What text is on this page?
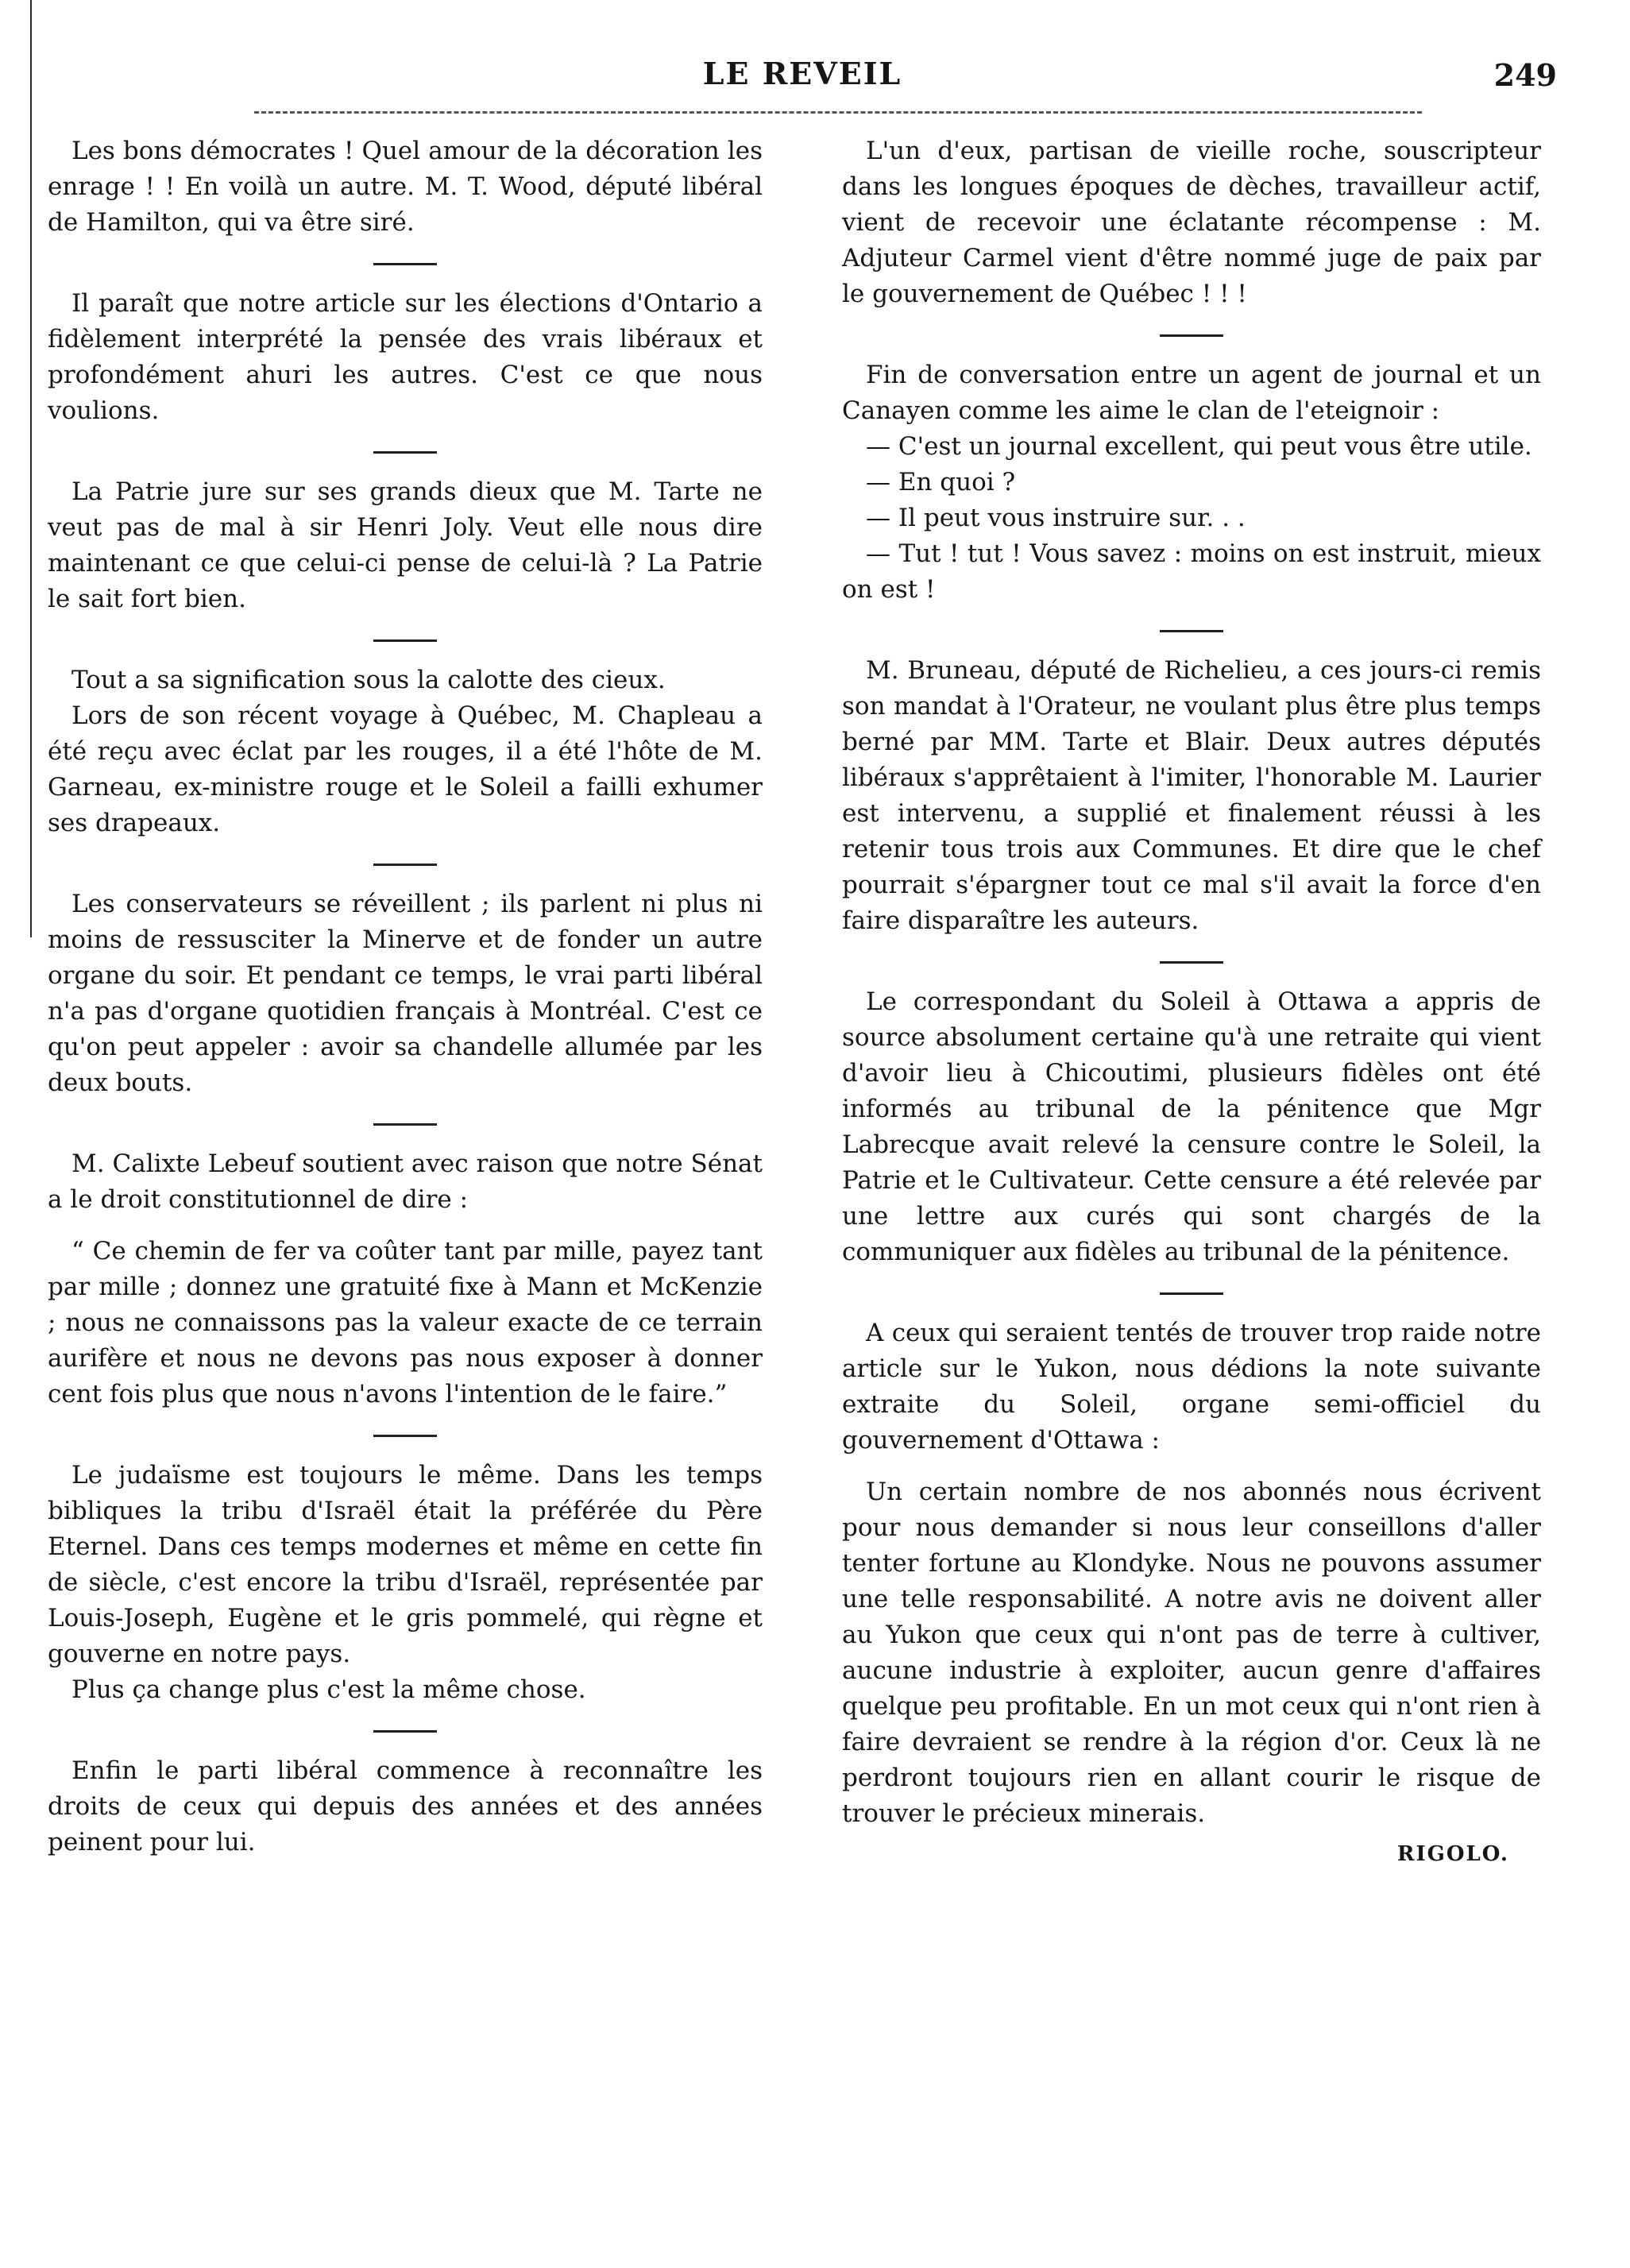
LE REVEIL	249

Les bons démocrates ! Quel amour de la décoration les enrage ! ! En voilà un autre. M. T. Wood, député libéral de Hamilton, qui va être siré.

Il paraît que notre article sur les élections d'Ontario a fidèlement interprété la pensée des vrais libéraux et profondément ahuri les autres. C'est ce que nous voulions.

La Patrie jure sur ses grands dieux que M. Tarte ne veut pas de mal à sir Henri Joly. Veut elle nous dire maintenant ce que celui-ci pense de celui-là ? La Patrie le sait fort bien.

Tout a sa signification sous la calotte des cieux.

Lors de son récent voyage à Québec, M. Chapleau a été reçu avec éclat par les rouges, il a été l'hôte de M. Garneau, ex-ministre rouge et le Soleil a failli exhumer ses drapeaux.

Les conservateurs se réveillent ; ils parlent ni plus ni moins de ressusciter la Minerve et de fonder un autre organe du soir. Et pendant ce temps, le vrai parti libéral n'a pas d'organe quotidien français à Montréal. C'est ce qu'on peut appeler : avoir sa chandelle allumée par les deux bouts.

M. Calixte Lebeuf soutient avec raison que notre Sénat a le droit constitutionnel de dire :

“ Ce chemin de fer va coûter tant par mille, payez tant par mille ; donnez une gratuité fixe à Mann et McKenzie ; nous ne connaissons pas la valeur exacte de ce terrain aurifère et nous ne devons pas nous exposer à donner cent fois plus que nous n'avons l'intention de le faire.”

Le judaïsme est toujours le même. Dans les temps bibliques la tribu d'Israël était la préférée du Père Eternel. Dans ces temps modernes et même en cette fin de siècle, c'est encore la tribu d'Israël, représentée par Louis-Joseph, Eugène et le gris pommelé, qui règne et gouverne en notre pays.

Plus ça change plus c'est la même chose.

Enfin le parti libéral commence à reconnaître les droits de ceux qui depuis des années et des années peinent pour lui.

L'un d'eux, partisan de vieille roche, souscripteur dans les longues époques de dèches, travailleur actif, vient de recevoir une éclatante récompense : M. Adjuteur Carmel vient d'être nommé juge de paix par le gouvernement de Québec ! ! !

Fin de conversation entre un agent de journal et un Canayen comme les aime le clan de l'eteignoir :

— C'est un journal excellent, qui peut vous être utile.

— En quoi ?

— Il peut vous instruire sur. . .

— Tut ! tut ! Vous savez : moins on est instruit, mieux on est !

M. Bruneau, député de Richelieu, a ces jours-ci remis son mandat à l'Orateur, ne voulant plus être plus temps berné par MM. Tarte et Blair. Deux autres députés libéraux s'apprêtaient à l'imiter, l'honorable M. Laurier est intervenu, a supplié et finalement réussi à les retenir tous trois aux Communes. Et dire que le chef pourrait s'épargner tout ce mal s'il avait la force d'en faire disparaître les auteurs.

Le correspondant du Soleil à Ottawa a appris de source absolument certaine qu'à une retraite qui vient d'avoir lieu à Chicoutimi, plusieurs fidèles ont été informés au tribunal de la pénitence que Mgr Labrecque avait relevé la censure contre le Soleil, la Patrie et le Cultivateur. Cette censure a été relevée par une lettre aux curés qui sont chargés de la communiquer aux fidèles au tribunal de la pénitence.

A ceux qui seraient tentés de trouver trop raide notre article sur le Yukon, nous dédions la note suivante extraite du Soleil, organe semi-officiel du gouvernement d'Ottawa :

Un certain nombre de nos abonnés nous écrivent pour nous demander si nous leur conseillons d'aller tenter fortune au Klondyke. Nous ne pouvons assumer une telle responsabilité. A notre avis ne doivent aller au Yukon que ceux qui n'ont pas de terre à cultiver, aucune industrie à exploiter, aucun genre d'affaires quelque peu profitable. En un mot ceux qui n'ont rien à faire devraient se rendre à la région d'or. Ceux là ne perdront toujours rien en allant courir le risque de trouver le précieux minerais.

RIGOLO.
